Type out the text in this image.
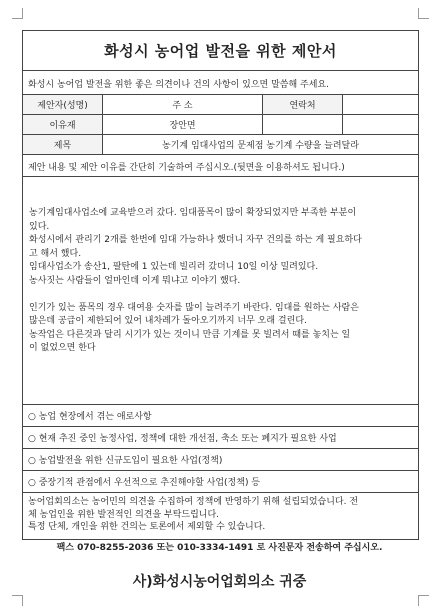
화성시 농어업 발전을 위한 제안서
화성시 농어업 발전을 위한 좋은 의견이나 건의 사항이 있으면 말씀해 주세요.
제안자(성명)	주 소	연락처
이유재	장안면
제목	농기계 임대사업의 문제점 농기계 수량을 늘려달라
제안 내용 및 제안 이유를 간단히 기술하여 주십시오.(뒷면을 이용하셔도 됩니다.)

농기계임대사업소에 교육받으러 갔다. 임대품목이 많이 확장되었지만 부족한 부분이

있다.

화성시에서 관리기 2개를 한번에 임대 가능하나 했더니 자꾸 건의를 하는 게 필요하다

고 해서 했다.

임대사업소가 송산1, 팔탄에 1 있는데 빌리러 갔더니 10일 이상 밀려있다.

농사짓는 사람들이 얼마인데 이게 뭐냐고 이야기 했다.

인기가 있는 품목의 경우 대여용 숫자를 많이 늘려주기 바란다. 임대를 원하는 사람은

많은데 공급이 제한되어 있어 내차례가 돌아오기까지 너무 오래 걸린다.

농작업은 다른것과 달리 시기가 있는 것이니 만큼 기계를 못 빌려서 때를 놓치는 일

이 없었으면 한다

○ 농업 현장에서 겪는 애로사항
○ 현재 추진 중인 농정사업, 정책에 대한 개선점, 축소 또는 폐지가 필요한 사업
○ 농업발전을 위한 신규도입이 필요한 사업(정책)
○ 중장기적 관점에서 우선적으로 추진해야할 사업(정책) 등
농어업회의소는 농어민의 의견을 수집하여 정책에 반영하기 위해 설립되었습니다. 전
체 농업인을 위한 발전적인 의견을 부탁드립니다.
특정 단체, 개인을 위한 건의는 토론에서 제외할 수 있습니다.
팩스 070-8255-2036 또는 010-3334-1491 로 사진문자 전송하여 주십시오.
사)화성시농어업회의소 귀중
